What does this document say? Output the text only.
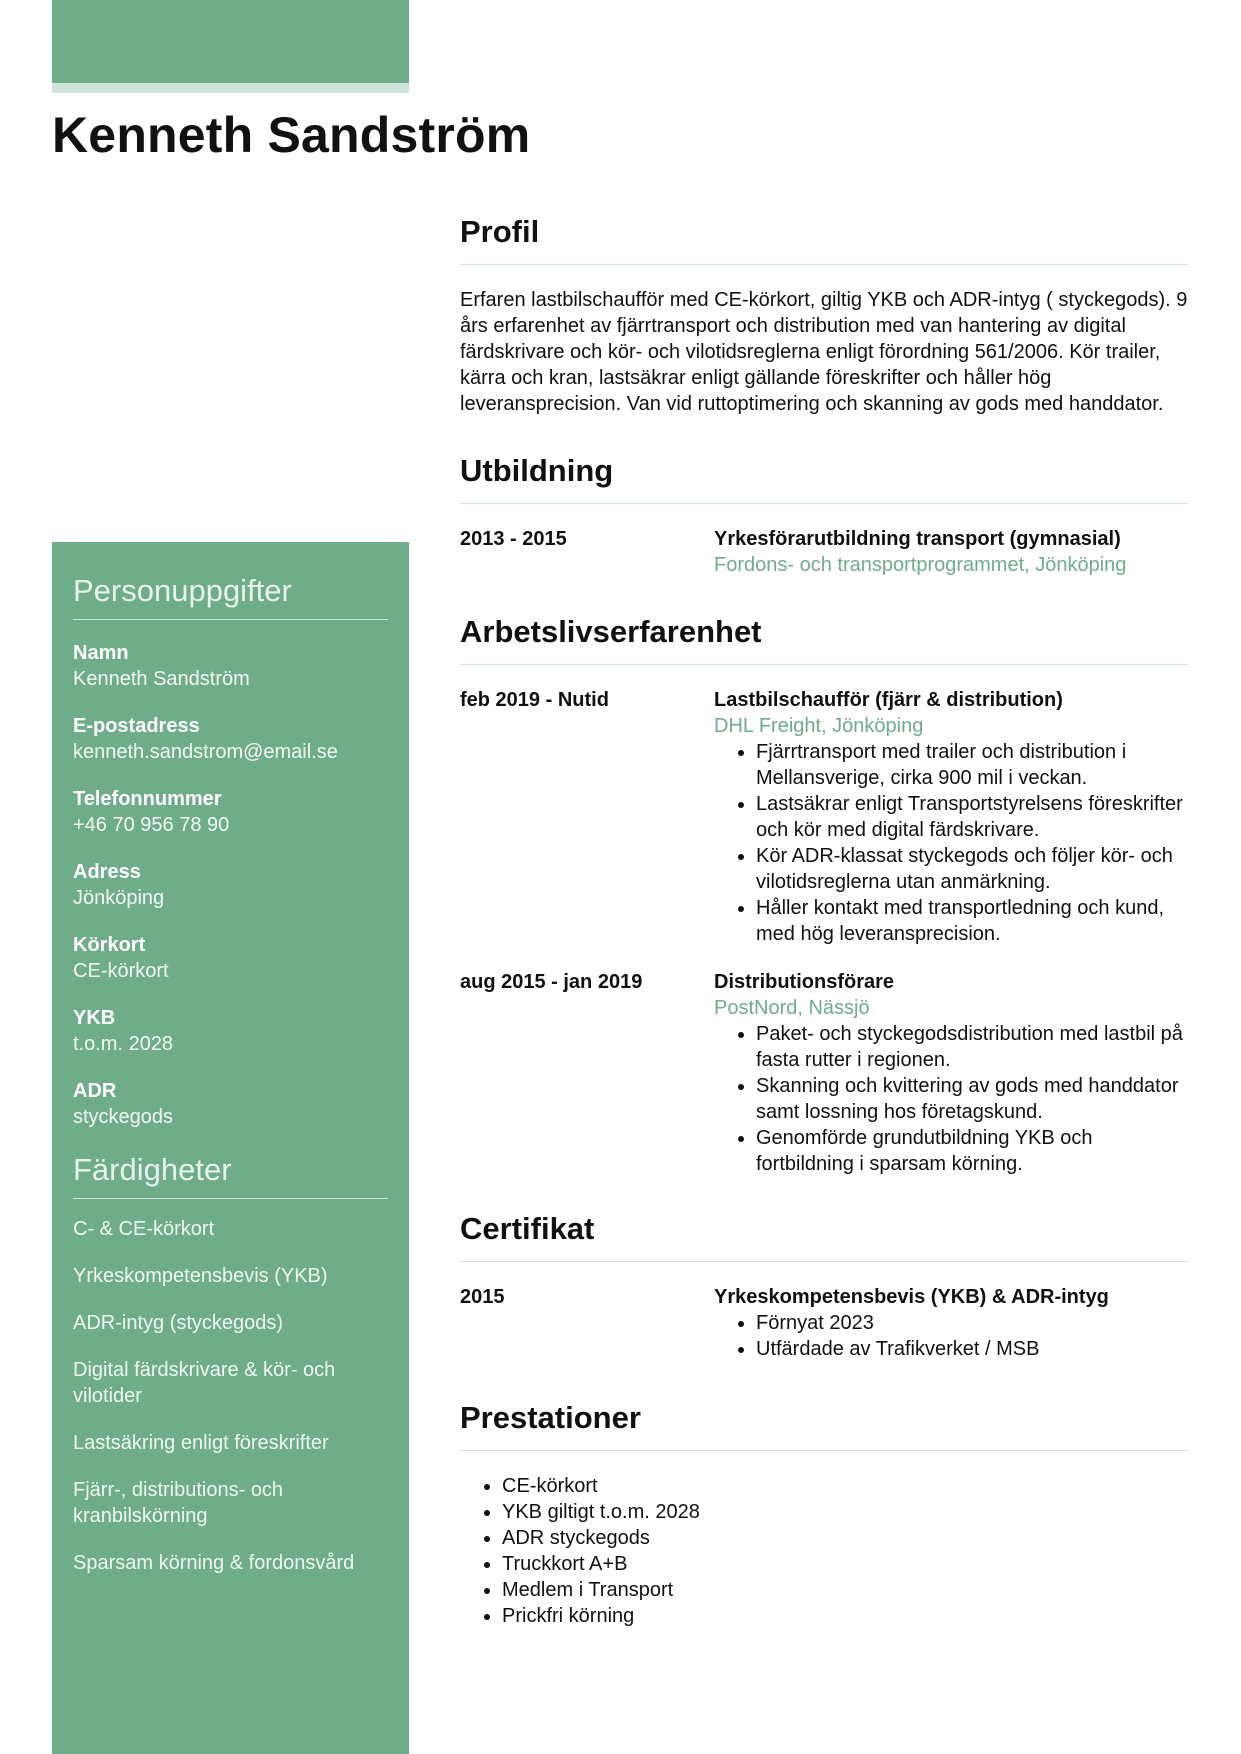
Kenneth Sandström
Personuppgifter
Namn
Kenneth Sandström
E-postadress
kenneth.sandstrom@email.se
Telefonnummer
+46 70 956 78 90
Adress
Jönköping
Körkort
CE-körkort
YKB
t.o.m. 2028
ADR
styckegods
Färdigheter
C- & CE-körkort
Yrkeskompetensbevis (YKB)
ADR-intyg (styckegods)
Digital färdskrivare & kör- och vilotider
Lastsäkring enligt föreskrifter
Fjärr-, distributions- och kranbilskörning
Sparsam körning & fordonsvård
Profil

Erfaren lastbilschaufför med CE-körkort, giltig YKB och ADR-intyg ( styckegods). 9 års erfarenhet av fjärrtransport och distribution med van hantering av digital färdskrivare och kör- och vilotidsreglerna enligt förordning 561/2006. Kör trailer, kärra och kran, lastsäkrar enligt gällande föreskrifter och håller hög leveransprecision. Van vid ruttoptimering och skanning av gods med handdator.

Utbildning
2013 - 2015	Yrkesförarutbildning transport (gymnasial)
Fordons- och transportprogrammet, Jönköping
Arbetslivserfarenhet
feb 2019 - Nutid	Lastbilschaufför (fjärr & distribution)
DHL Freight, Jönköping
• Fjärrtransport med trailer och distribution i Mellansverige, cirka 900 mil i veckan.
• Lastsäkrar enligt Transportstyrelsens föreskrifter och kör med digital färdskrivare.
• Kör ADR-klassat styckegods och följer kör- och vilotidsreglerna utan anmärkning.
• Håller kontakt med transportledning och kund, med hög leveransprecision.
aug 2015 - jan 2019	Distributionsförare
PostNord, Nässjö
• Paket- och styckegodsdistribution med lastbil på fasta rutter i regionen.
• Skanning och kvittering av gods med handdator samt lossning hos företagskund.
• Genomförde grundutbildning YKB och fortbildning i sparsam körning.
Certifikat
2015	Yrkeskompetensbevis (YKB) & ADR-intyg
• Förnyat 2023
• Utfärdade av Trafikverket / MSB
Prestationer
• CE-körkort
• YKB giltigt t.o.m. 2028
• ADR styckegods
• Truckkort A+B
• Medlem i Transport
• Prickfri körning
